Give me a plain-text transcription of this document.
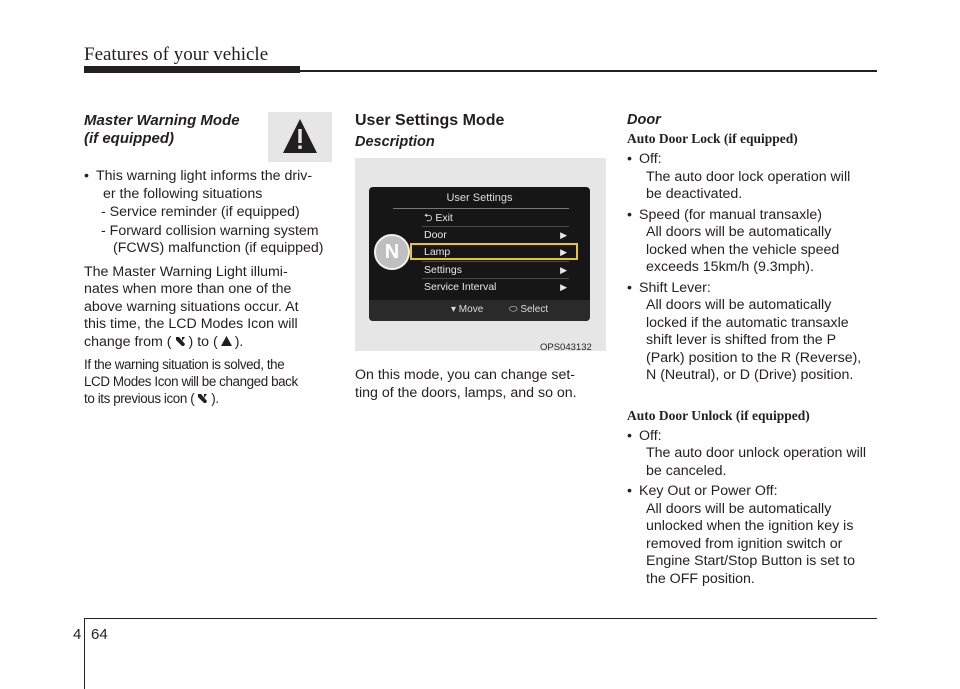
Features of your vehicle
Master Warning Mode
(if equipped)
• This warning light informs the driv-
er the following situations
- Service reminder (if equipped)
- Forward collision warning system
(FCWS) malfunction (if equipped)
The Master Warning Light illumi-
nates when more than one of the
above warning situations occur. At
this time, the LCD Modes Icon will
change from ( ) to ( ).
If the warning situation is solved, the
LCD Modes Icon will be changed back
to its previous icon ( ).
User Settings Mode
Description
User Settings
N
⮌ Exit
Door	▶
Lamp	▶
Settings	▶
Service Interval	▶
▾ Move	⬭ Select
OPS043132
On this mode, you can change set-
ting of the doors, lamps, and so on.
Door
Auto Door Lock (if equipped)
• Off:
The auto door lock operation will
be deactivated.
• Speed (for manual transaxle)
All doors will be automatically
locked when the vehicle speed
exceeds 15km/h (9.3mph).
• Shift Lever:
All doors will be automatically
locked if the automatic transaxle
shift lever is shifted from the P
(Park) position to the R (Reverse),
N (Neutral), or D (Drive) position.
Auto Door Unlock (if equipped)
• Off:
The auto door unlock operation will
be canceled.
• Key Out or Power Off:
All doors will be automatically
unlocked when the ignition key is
removed from ignition switch or
Engine Start/Stop Button is set to
the OFF position.
4 64
